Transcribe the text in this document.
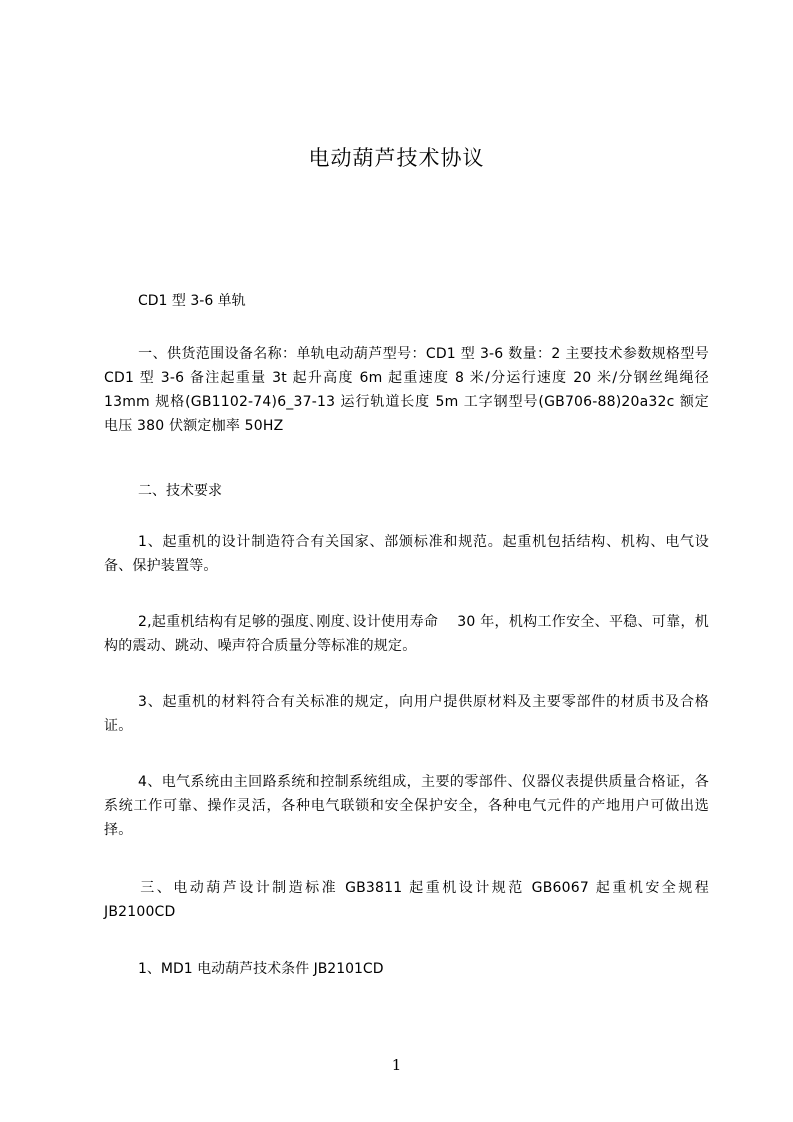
电动葫芦技术协议
CD1 型 3-6 单轨
一、供货范围设备名称：单轨电动葫芦型号：CD1 型 3-6 数量：2 主要技术参数规格型号 CD1 型 3-6 备注起重量 3t 起升高度 6m 起重速度 8 米/分运行速度 20 米/分钢丝绳绳径 13mm 规格(GB1102-74)6_37-13 运行轨道长度 5m 工字钢型号(GB706-88)20a32c 额定电压 380 伏额定枷率 50HZ
二、技术要求
1、起重机的设计制造符合有关国家、部颁标准和规范。起重机包括结构、机构、电气设备、保护装置等。
2,起重机结构有足够的强度､刚度､设计使用寿命　 30 年，机构工作安全、平稳、可靠，机构的震动、跳动、噪声符合质量分等标准的规定。
3、起重机的材料符合有关标准的规定，向用户提供原材料及主要零部件的材质书及合格证。
4、电气系统由主回路系统和控制系统组成，主要的零部件、仪器仪表提供质量合格证，各系统工作可靠、操作灵活，各种电气联锁和安全保护安全，各种电气元件的产地用户可做出选择。
三、电动葫芦设计制造标准 GB3811 起重机设计规范 GB6067 起重机安全规程 JB2100CD
1、MD1 电动葫芦技术条件 JB2101CD
1
